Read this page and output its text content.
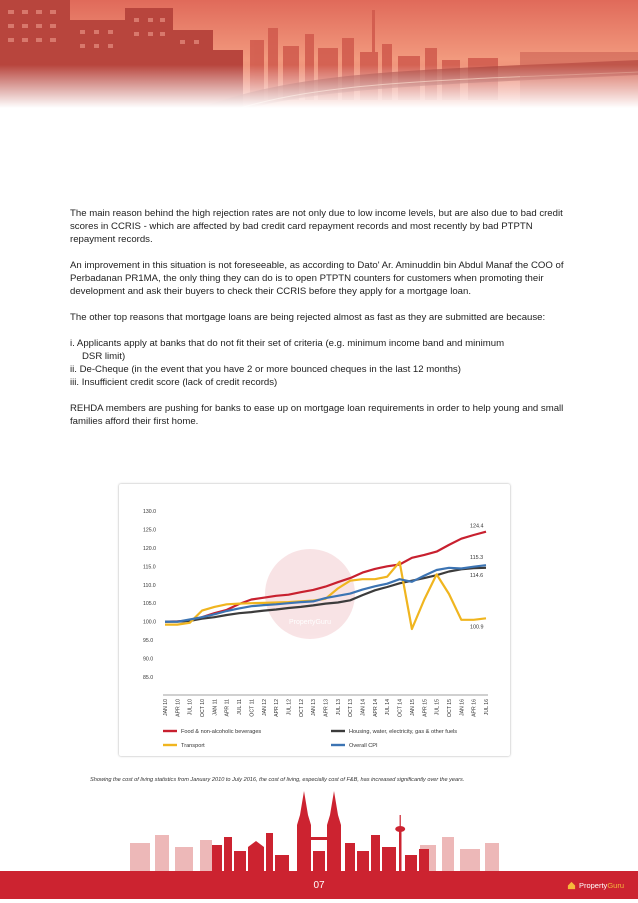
The main reason behind the high rejection rates are not only due to low income levels, but are also due to bad credit scores in CCRIS - which are affected by bad credit card repayment records and most recently by bad PTPTN repayment records.

An improvement in this situation is not foreseeable, as according to Dato' Ar. Aminuddin bin Abdul Manaf the COO of Perbadanan PR1MA, the only thing they can do is to open PTPTN counters for customers when promoting their development and ask their buyers to check their CCRIS before they apply for a mortgage loan.

The other top reasons that mortgage loans are being rejected almost as fast as they are submitted are because:

i. Applicants apply at banks that do not fit their set of criteria (e.g. minimum income band and minimum
DSR limit)
ii. De-Cheque (in the event that you have 2 or more bounced cheques in the last 12 months)
iii. Insufficient credit score (lack of credit records)

REHDA members are pushing for banks to ease up on mortgage loan requirements in order to help young and small families afford their first home.

PropertyGuru
130.0
125.0
120.0
115.0
110.0
105.0
100.0
95.0
90.0
85.0
124.4
115.3
114.6
100.9
JAN 10 APR 10 JUL 10 OCT 10 JAN 11 APR 11 JUL 11 OCT 11 JAN 12 APR 12 JUL 12 OCT 12 JAN 13 APR 13 JUL 13 OCT 13 JAN 14 APR 14 JUL 14 OCT 14 JAN 15 APR 15 JUL 15 OCT 15 JAN 16 APR 16 JUL 16
Food & non-alcoholic beverages	Housing, water, electricity, gas & other fuels
Transport	Overall CPI
Showing the cost of living statistics from January 2010 to July 2016, the cost of living, especially cost of F&B, has increased significantly over the years.
07	PropertyGuru
